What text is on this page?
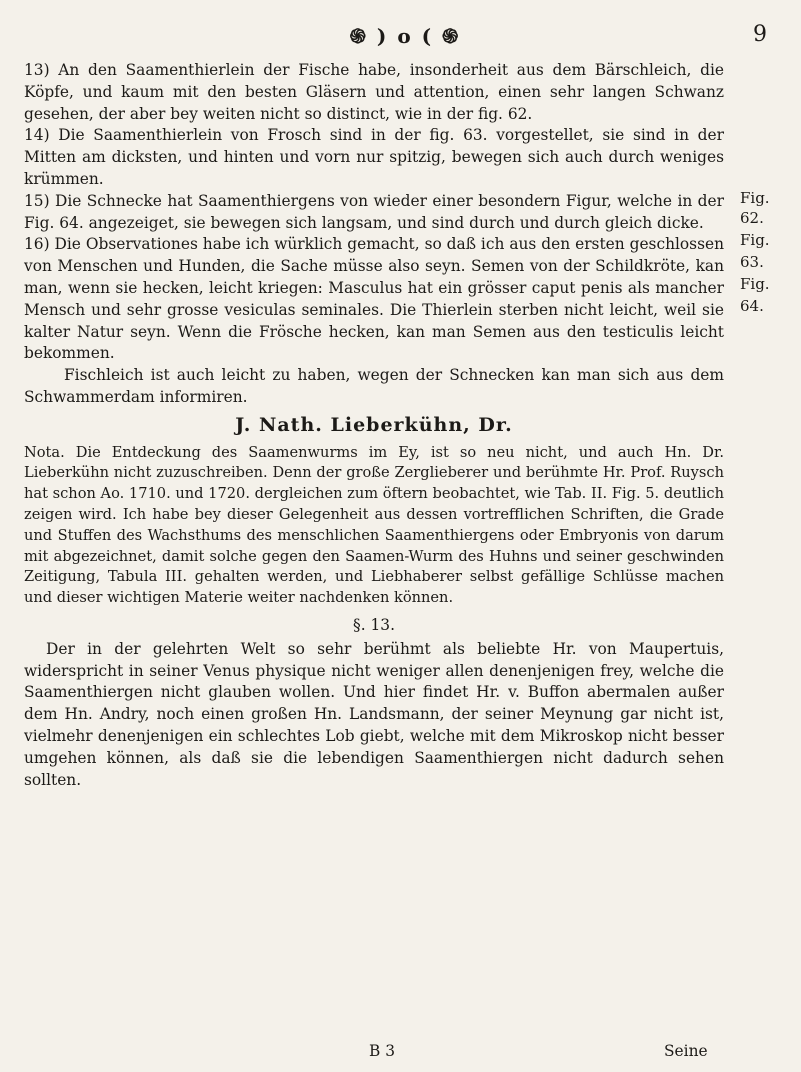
֍ ) o ( ֍	9
Fig.
62.
Fig.
63.
Fig.
64.

13) An den Saamenthierlein der Fische habe, insonderheit aus dem Bärschleich, die Köpfe, und kaum mit den besten Gläsern und attention, einen sehr langen Schwanz gesehen, der aber bey weiten nicht so distinct, wie in der fig. 62.

14) Die Saamenthierlein von Frosch sind in der fig. 63. vorgestellet, sie sind in der Mitten am dicksten, und hinten und vorn nur spitzig, bewegen sich auch durch weniges krümmen.

15) Die Schnecke hat Saamenthiergens von wieder einer besondern Figur, welche in der Fig. 64. angezeiget, sie bewegen sich langsam, und sind durch und durch gleich dicke.

16) Die Observationes habe ich würklich gemacht, so daß ich aus den ersten geschlossen von Menschen und Hunden, die Sache müsse also seyn. Semen von der Schildkröte, kan man, wenn sie hecken, leicht kriegen: Masculus hat ein grösser caput penis als mancher Mensch und sehr grosse vesiculas seminales. Die Thierlein sterben nicht leicht, weil sie kalter Natur seyn. Wenn die Frösche hecken, kan man Semen aus den testiculis leicht bekommen.

Fischleich ist auch leicht zu haben, wegen der Schnecken kan man sich aus dem Schwammerdam informiren.

J. Nath. Lieberkühn, Dr.

Nota. Die Entdeckung des Saamenwurms im Ey, ist so neu nicht, und auch Hn. Dr. Lieberkühn nicht zuzuschreiben. Denn der große Zerglieberer und berühmte Hr. Prof. Ruysch hat schon Ao. 1710. und 1720. dergleichen zum öftern beobachtet, wie Tab. II. Fig. 5. deutlich zeigen wird. Ich habe bey dieser Gelegenheit aus dessen vortrefflichen Schriften, die Grade und Stuffen des Wachsthums des menschlichen Saamenthiergens oder Embryonis von darum mit abgezeichnet, damit solche gegen den Saamen-Wurm des Huhns und seiner geschwinden Zeitigung, Tabula III. gehalten werden, und Liebhaberer selbst gefällige Schlüsse machen und dieser wichtigen Materie weiter nachdenken können.

§. 13.

Der in der gelehrten Welt so sehr berühmt als beliebte Hr. von Maupertuis, widerspricht in seiner Venus physique nicht weniger allen denenjenigen frey, welche die Saamenthiergen nicht glauben wollen. Und hier findet Hr. v. Buffon abermalen außer dem Hn. Andry, noch einen großen Hn. Landsmann, der seiner Meynung gar nicht ist, vielmehr denenjenigen ein schlechtes Lob giebt, welche mit dem Mikroskop nicht besser umgehen können, als daß sie die lebendigen Saamenthiergen nicht dadurch sehen sollten.

B 3	Seine
